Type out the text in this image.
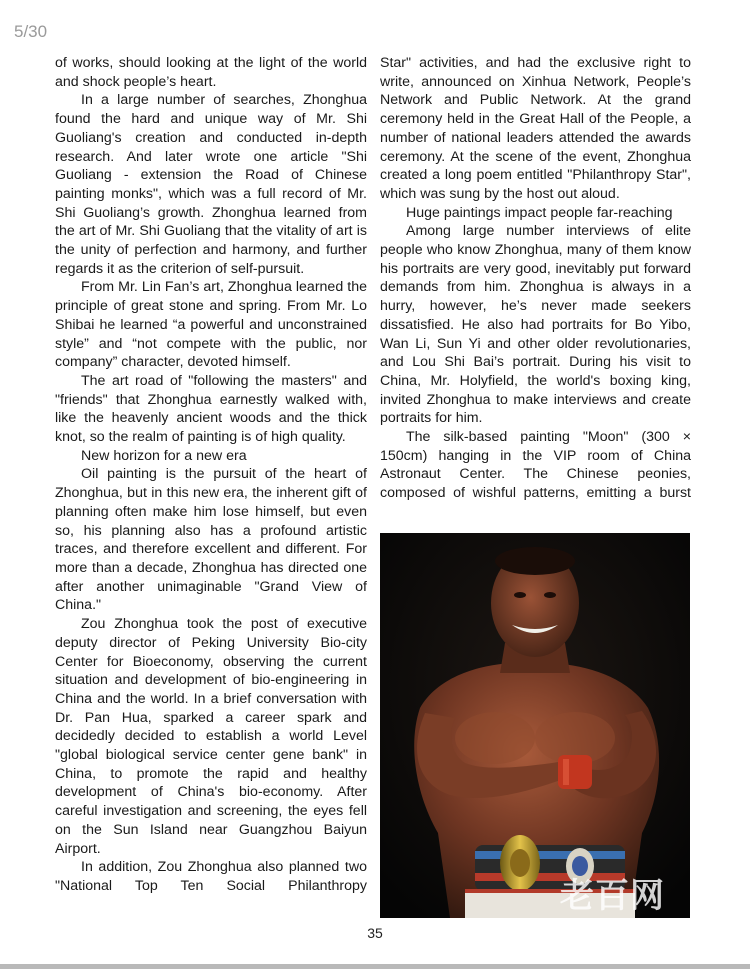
5/30

of works, should looking at the light of the world and shock people’s heart.

In a large number of searches, Zhonghua found the hard and unique way of Mr. Shi Guoliang's creation and conducted in-depth research. And later wrote one article "Shi Guoliang - extension the Road of Chinese painting monks", which was a full record of Mr. Shi Guoliang’s growth. Zhonghua learned from the art of Mr. Shi Guoliang that the vitality of art is the unity of perfection and harmony, and further regards it as the criterion of self-pursuit.

From Mr. Lin Fan’s art, Zhonghua learned the principle of great stone and spring. From Mr. Lo Shibai he learned “a powerful and unconstrained style” and “not compete with the public, nor company” character, devoted himself.

The art road of "following the masters" and "friends" that Zhonghua earnestly walked with, like the heavenly ancient woods and the thick knot, so the realm of painting is of high quality.

New horizon for a new era

Oil painting is the pursuit of the heart of Zhonghua, but in this new era, the inherent gift of planning often make him lose himself, but even so, his planning also has a profound artistic traces, and therefore excellent and different. For more than a decade, Zhonghua has directed one after another unimaginable "Grand View of China."

Zou Zhonghua took the post of executive deputy director of Peking University Bio-city Center for Bioeconomy, observing the current situation and development of bio-engineering in China and the world. In a brief conversation with Dr. Pan Hua, sparked a career spark and decidedly decided to establish a world Level "global biological service center gene bank" in China, to promote the rapid and healthy development of China's bio-economy. After careful investigation and screening, the eyes fell on the Sun Island near Guangzhou Baiyun Airport.

In addition, Zou Zhonghua also planned two "National Top Ten Social Philanthropy

Star" activities, and had the exclusive right to write, announced on Xinhua Network, People’s Network and Public Network. At the grand ceremony held in the Great Hall of the People, a number of national leaders attended the awards ceremony. At the scene of the event, Zhonghua created a long poem entitled "Philanthropy Star", which was sung by the host out aloud.

Huge paintings impact people far-reaching

Among large number interviews of elite people who know Zhonghua, many of them know his portraits are very good, inevitably put forward demands from him. Zhonghua is always in a hurry, however, he’s never made seekers dissatisfied. He also had portraits for Bo Yibo, Wan Li, Sun Yi and other older revolutionaries, and Lou Shi Bai’s portrait. During his visit to China, Mr. Holyfield, the world's boxing king, invited Zhonghua to make interviews and create portraits for him.

The silk-based painting "Moon" (300 × 150cm) hanging in the VIP room of China Astronaut Center. The Chinese peonies, composed of wishful patterns, emitting a burst

老百网
35
